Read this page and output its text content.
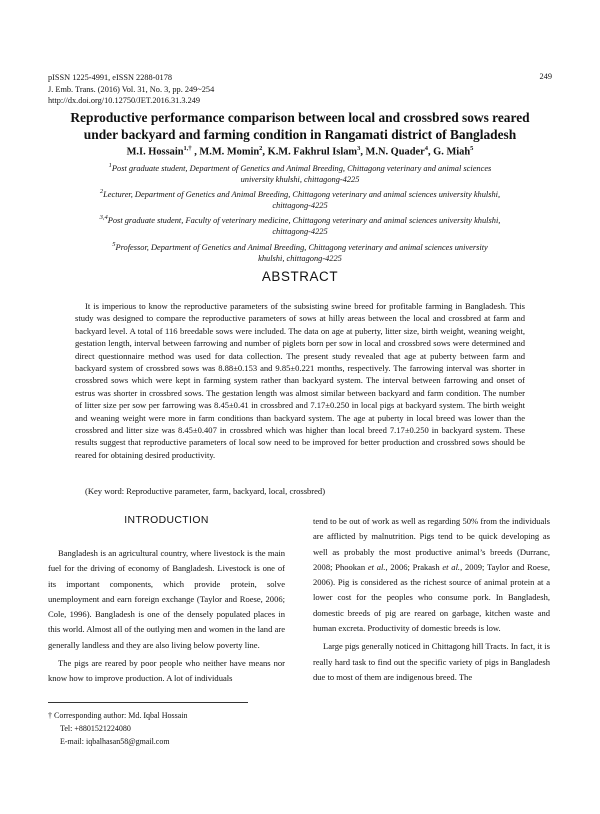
pISSN 1225-4991, eISSN 2288-0178
J. Emb. Trans. (2016) Vol. 31, No. 3, pp. 249~254
http://dx.doi.org/10.12750/JET.2016.31.3.249
249
Reproductive performance comparison between local and crossbred sows reared
under backyard and farming condition in Rangamati district of Bangladesh
M.I. Hossain$^{1,\dagger}$ , M.M. Momin$^2$, K.M. Fakhrul Islam$^3$, M.N. Quader$^4$, G. Miah$^5$
$^1$Post graduate student, Department of Genetics and Animal Breeding, Chittagong veterinary and animal sciences
university khulshi, chittagong-4225
$^2$Lecturer, Department of Genetics and Animal Breeding, Chittagong veterinary and animal sciences university khulshi,
chittagong-4225
$^{3,4}$Post graduate student, Faculty of veterinary medicine, Chittagong veterinary and animal sciences university khulshi,
chittagong-4225
$^5$Professor, Department of Genetics and Animal Breeding, Chittagong veterinary and animal sciences university
khulshi, chittagong-4225
ABSTRACT

It is imperious to know the reproductive parameters of the subsisting swine breed for profitable farming in Bangladesh. This study was designed to compare the reproductive parameters of sows at hilly areas between the local and crossbred at farm and backyard level. A total of 116 breedable sows were included. The data on age at puberty, litter size, birth weight, weaning weight, gestation length, interval between farrowing and number of piglets born per sow in local and crossbred sows were determined and direct questionnaire method was used for data collection. The present study revealed that age at puberty between farm and backyard system of crossbred sows was 8.88±0.153 and 9.85±0.221 months, respectively. The farrowing interval was shorter in crossbred sows which were kept in farming system rather than backyard system. The interval between farrowing and onset of estrus was shorter in crossbred sows. The gestation length was almost similar between backyard and farm condition. The number of litter size per sow per farrowing was 8.45±0.41 in crossbred and 7.17±0.250 in local pigs at backyard system. The birth weight and weaning weight were more in farm conditions than backyard system. The age at puberty in local breed was lower than the crossbred and litter size was 8.45±0.407 in crossbred which was higher than local breed 7.17±0.250 in backyard system. These results suggest that reproductive parameters of local sow need to be improved for better production and crossbred sows should be reared for obtaining desired productivity.

(Key word: Reproductive parameter, farm, backyard, local, crossbred)
INTRODUCTION

Bangladesh is an agricultural country, where livestock is the main fuel for the driving of economy of Bangladesh. Livestock is one of its important components, which provide protein, solve unemployment and earn foreign exchange (Taylor and Roese, 2006; Cole, 1996). Bangladesh is one of the densely populated places in this world. Almost all of the outlying men and women in the land are generally landless and they are also living below poverty line.

The pigs are reared by poor people who neither have means nor know how to improve production. A lot of individuals

tend to be out of work as well as regarding 50% from the individuals are afflicted by malnutrition. Pigs tend to be quick developing as well as probably the most productive animal’s breeds (Durranc, 2008; Phookan et al., 2006; Prakash et al., 2009; Taylor and Roese, 2006). Pig is considered as the richest source of animal protein at a lower cost for the peoples who consume pork. In Bangladesh, domestic breeds of pig are reared on garbage, kitchen waste and human excreta. Productivity of domestic breeds is low.

Large pigs generally noticed in Chittagong hill Tracts. In fact, it is really hard task to find out the specific variety of pigs in Bangladesh due to most of them are indigenous breed. The

† Corresponding author: Md. Iqbal Hossain
Tel: +8801521224080
E-mail: iqbalhasan58@gmail.com
